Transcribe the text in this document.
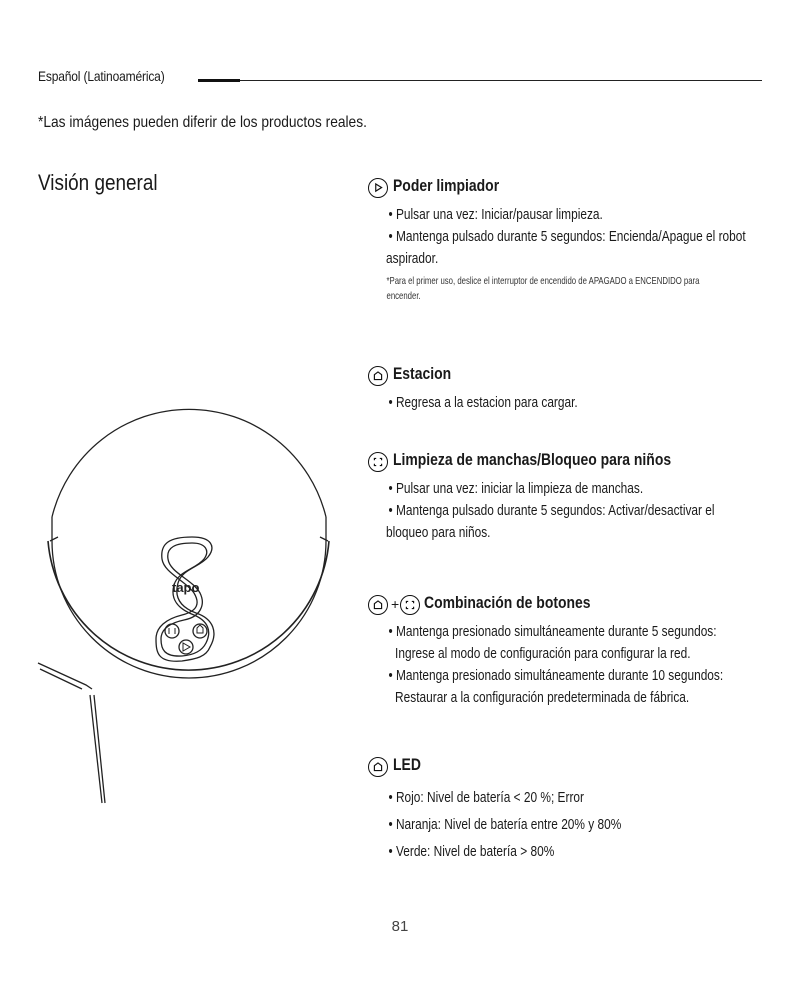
Español (Latinoamérica)
*Las imágenes pueden diferir de los productos reales.
Visión general
tapo
Poder limpiador
• Pulsar una vez: Iniciar/pausar limpieza.
• Mantenga pulsado durante 5 segundos: Encienda/Apague el robot
aspirador.
*Para el primer uso, deslice el interruptor de encendido de APAGADO a ENCENDIDO para
encender.
Estacion
• Regresa a la estacion para cargar.
Limpieza de manchas/Bloqueo para niños
• Pulsar una vez: iniciar la limpieza de manchas.
• Mantenga pulsado durante 5 segundos: Activar/desactivar el
bloqueo para niños.
+ Combinación de botones
• Mantenga presionado simultáneamente durante 5 segundos:
Ingrese al modo de configuración para configurar la red.
• Mantenga presionado simultáneamente durante 10 segundos:
Restaurar a la configuración predeterminada de fábrica.
LED
• Rojo: Nivel de batería < 20 %; Error
• Naranja: Nivel de batería entre 20% y 80%
• Verde: Nivel de batería > 80%
81
